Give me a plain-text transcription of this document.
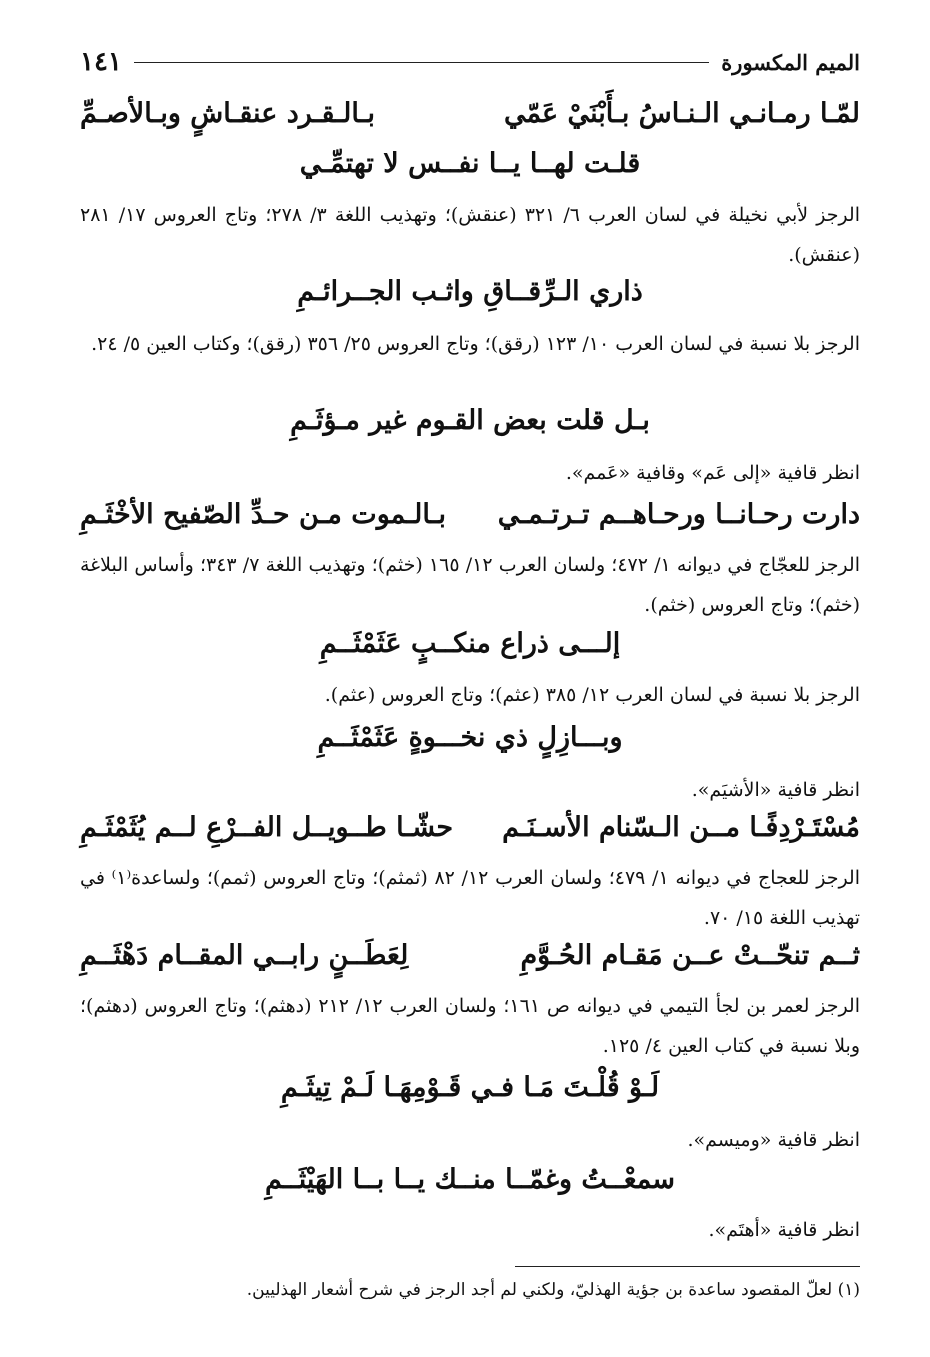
الميم المكسورة
١٤١
لمّـا رمـانـي الـنـاسُ بـأَبْنَيْ عَمّي
بـالـقـرد عنقـاشٍ وبـالأصـمِّ
قلـت لهــا يــا نفــس لا تهتمِّـي
الرجز لأبي نخيلة في لسان العرب ٦/ ٣٢١ (عنقش)؛ وتهذيب اللغة ٣/ ٢٧٨؛ وتاج العروس ١٧/ ٢٨١ (عنقش).
ذاري الـرِّقــاقِ واثـب الجــرائـمِ
الرجز بلا نسبة في لسان العرب ١٠/ ١٢٣ (رقق)؛ وتاج العروس ٢٥/ ٣٥٦ (رقق)؛ وكتاب العين ٥/ ٢٤.
بـل قلت بعض القـوم غير مـؤثَـمِ
انظر قافية «إلى عَم» وقافية «عَمم».
دارت رحـانــا ورحـاهــم تـرتـمـي
بـالـموت مـن حـدِّ الصّفيح الأخْثَـمِ
الرجز للعجّاج في ديوانه ١/ ٤٧٢؛ ولسان العرب ١٢/ ١٦٥ (خثم)؛ وتهذيب اللغة ٧/ ٣٤٣؛ وأساس البلاغة (خثم)؛ وتاج العروس (خثم).
إلـــى ذراع منكــبٍ عَثَمْثَــمِ
الرجز بلا نسبة في لسان العرب ١٢/ ٣٨٥ (عثم)؛ وتاج العروس (عثم).
وبـــازِلٍ ذي نخـــوةٍ عَثَمْثَــمِ
انظر قافية «الأشيَم».
مُسْتَـرْدِفًـا مــن الـسّنام الأسـنَـم
حشّـا طــويــل الفــرْعِ لــم يُثَمْثَـمِ
الرجز للعجاج في ديوانه ١/ ٤٧٩؛ ولسان العرب ١٢/ ٨٢ (ثمثم)؛ وتاج العروس (ثمم)؛ ولساعدة⁽١⁾ في تهذيب اللغة ١٥/ ٧٠.
ثــم تنحّــتْ عــن مَقـام الحُـوَّمِ
لِعَطَــنٍ رابــي المقــام دَهْثَــمِ
الرجز لعمر بن لجأ التيمي في ديوانه ص ١٦١؛ ولسان العرب ١٢/ ٢١٢ (دهثم)؛ وتاج العروس (دهثم)؛ وبلا نسبة في كتاب العين ٤/ ١٢٥.
لَـوْ قُلْـتَ مَـا فـي قَـوْمِهَـا لَـمْ تِيثَـمِ
انظر قافية «وميسم».
سمعْــتُ وغمّــا منــك يــا بــا الهَيْثَــمِ
انظر قافية «أهتَم».
(١) لعلّ المقصود ساعدة بن جؤية الهذليّ، ولكني لم أجد الرجز في شرح أشعار الهذليين.
